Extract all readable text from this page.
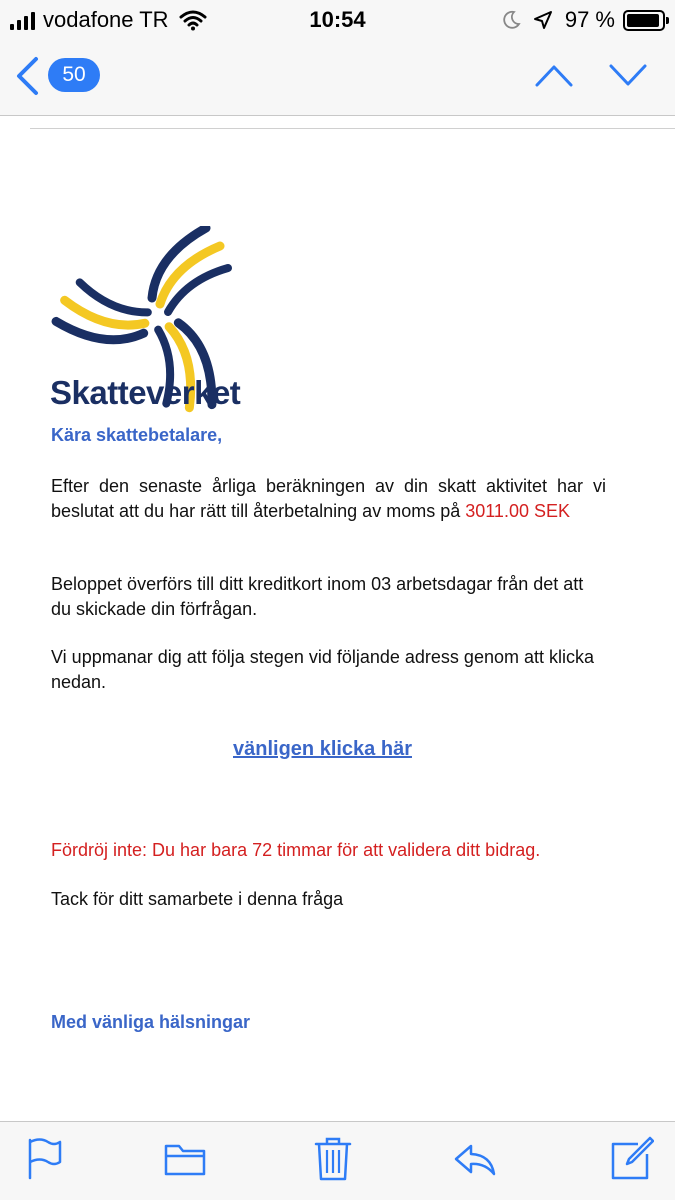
vodafone TR	10:54	97 %
50
Skatteverket
Kära skattebetalare,
Efter den senaste årliga beräkningen av din skatt aktivitet har vi beslutat att du har rätt till återbetalning av moms på 3011.00 SEK
Beloppet överförs till ditt kreditkort inom 03 arbetsdagar från det att du skickade din förfrågan.
Vi uppmanar dig att följa stegen vid följande adress genom att klicka nedan.
vänligen klicka här
Fördröj inte: Du har bara 72 timmar för att validera ditt bidrag.
Tack för ditt samarbete i denna fråga
Med vänliga hälsningar
